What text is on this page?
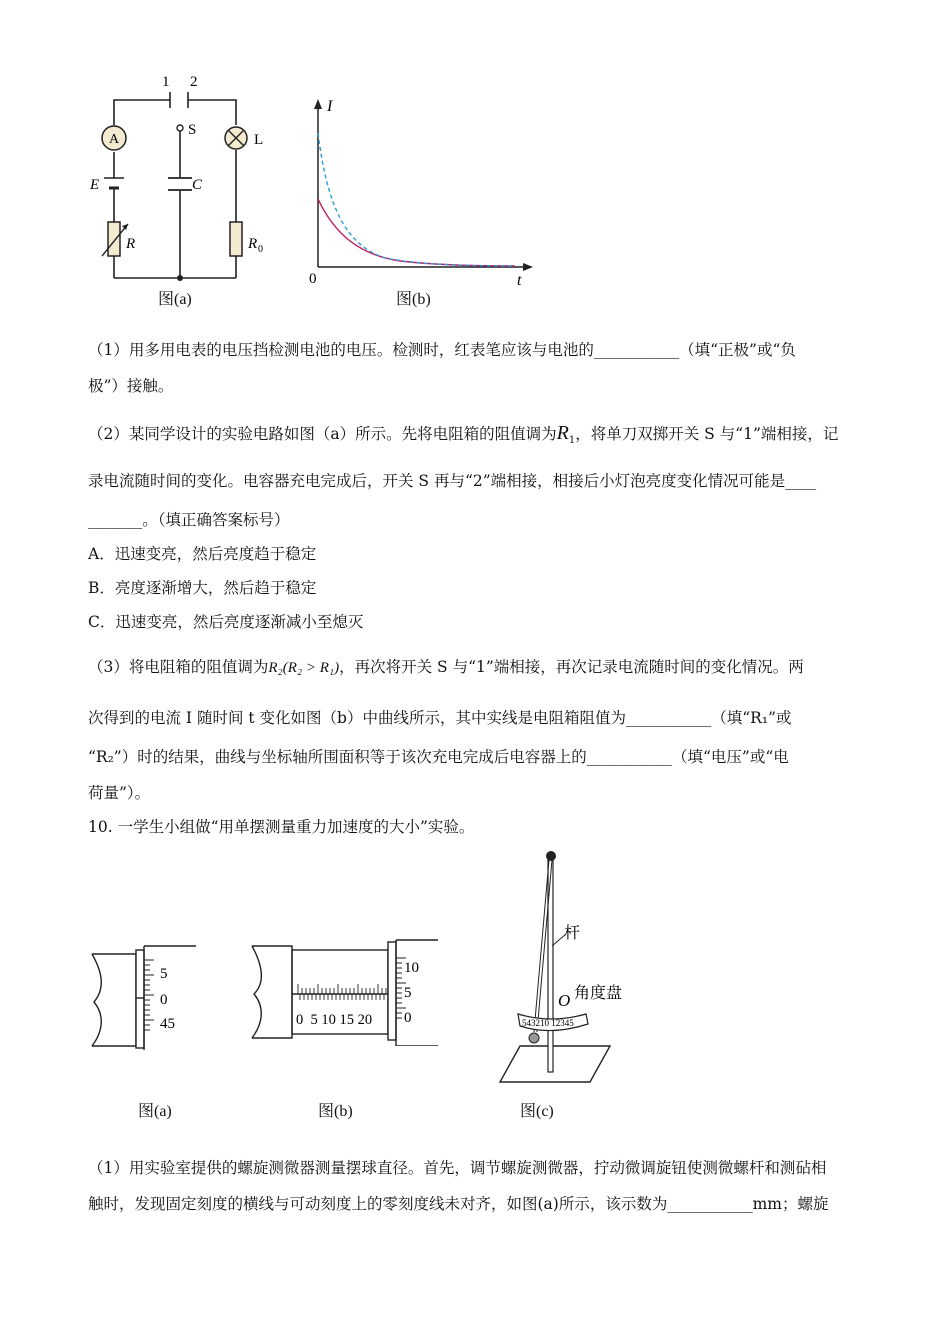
A
1 2
S
L
E	C
R	R 0
图(a)
I
0	t
图(b)
（1）用多用电表的电压挡检测电池的电压。检测时，红表笔应该与电池的___________（填“正极”或“负
极”）接触。
（2）某同学设计的实验电路如图（a）所示。先将电阻箱的阻值调为$R_1$，将单刀双掷开关 S 与“1”端相接，记
录电流随时间的变化。电容器充电完成后，开关 S 再与“2”端相接，相接后小灯泡亮度变化情况可能是____
_______。（填正确答案标号）
A．迅速变亮，然后亮度趋于稳定
B．亮度逐渐增大，然后趋于稳定
C．迅速变亮，然后亮度逐渐减小至熄灭
（3）将电阻箱的阻值调为R₂(R₂ > R₁)，再次将开关 S 与“1”端相接，再次记录电流随时间的变化情况。两
次得到的电流 I 随时间 t 变化如图（b）中曲线所示，其中实线是电阻箱阻值为___________（填“R₁”或
“R₂”）时的结果，曲线与坐标轴所围面积等于该次充电完成后电容器上的___________（填“电压”或“电
荷量”）。
10. 一学生小组做“用单摆测量重力加速度的大小”实验。
5
0
45
图(a)
10
5
0
0  5 10 15 20
图(b)
543210 12345
杆
O 角度盘
图(c)
（1）用实验室提供的螺旋测微器测量摆球直径。首先，调节螺旋测微器，拧动微调旋钮使测微螺杆和测砧相
触时，发现固定刻度的横线与可动刻度上的零刻度线未对齐，如图(a)所示，该示数为___________mm；螺旋
